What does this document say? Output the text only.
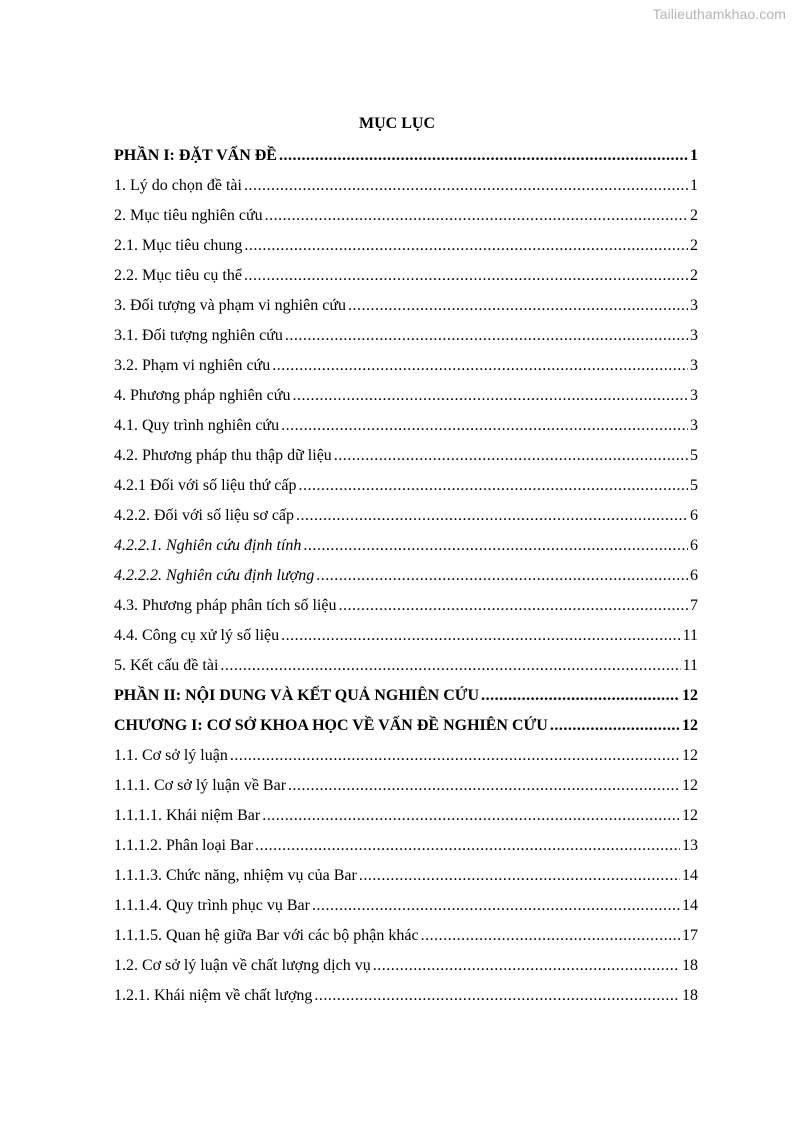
Tailieuthamkhao.com
MỤC LỤC
PHẦN I: ĐẶT VẤN ĐỀ .....	1
1. Lý do chọn đề tài .....	1
2. Mục tiêu nghiên cứu .....	2
2.1. Mục tiêu chung .....	2
2.2. Mục tiêu cụ thể .....	2
3. Đối tượng và phạm vi nghiên cứu .....	3
3.1. Đối tượng nghiên cứu .....	3
3.2. Phạm vi nghiên cứu .....	3
4. Phương pháp nghiên cứu .....	3
4.1. Quy trình nghiên cứu .....	3
4.2. Phương pháp thu thập dữ liệu .....	5
4.2.1 Đối với số liệu thứ cấp .....	5
4.2.2. Đối với số liệu sơ cấp .....	6
4.2.2.1. Nghiên cứu định tính .....	6
4.2.2.2. Nghiên cứu định lượng .....	6
4.3. Phương pháp phân tích số liệu .....	7
4.4. Công cụ xử lý số liệu .....	11
5. Kết cấu đề tài .....	11
PHẦN II: NỘI DUNG VÀ KẾT QUẢ NGHIÊN CỨU .....	12
CHƯƠNG I: CƠ SỞ KHOA HỌC VỀ VẤN ĐỀ NGHIÊN CỨU .....	12
1.1. Cơ sở lý luận .....	12
1.1.1. Cơ sở lý luận về Bar .....	12
1.1.1.1. Khái niệm Bar .....	12
1.1.1.2. Phân loại Bar .....	13
1.1.1.3. Chức năng, nhiệm vụ của Bar .....	14
1.1.1.4. Quy trình phục vụ Bar .....	14
1.1.1.5. Quan hệ giữa Bar với các bộ phận khác .....	17
1.2. Cơ sở lý luận về chất lượng dịch vụ .....	18
1.2.1. Khái niệm về chất lượng .....	18
